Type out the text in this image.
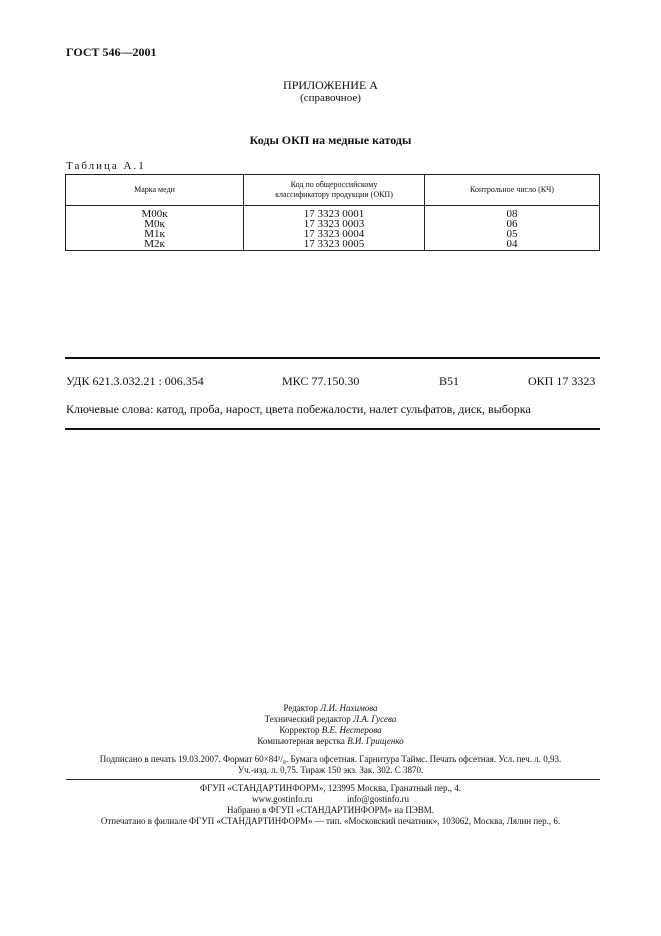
ГОСТ 546—2001
ПРИЛОЖЕНИЕ А
(справочное)
Коды ОКП на медные катоды
Таблица А.1
Марка меди	Код по общероссийскому классификатору продукции (ОКП)	Контрольное число (КЧ)
М00к	17 3323 0001	08
М0к	17 3323 0003	06
М1к	17 3323 0004	05
М2к	17 3323 0005	04
УДК 621.3.032.21 : 006.354	МКС 77.150.30	В51	ОКП 17 3323
Ключевые слова: катод, проба, нарост, цвета побежалости, налет сульфатов, диск, выборка
Редактор Л.И. Нахимова
Технический редактор Л.А. Гусева
Корректор В.Е. Нестерова
Компьютерная верстка В.И. Грищенко
Подписано в печать 19.03.2007. Формат 60×84¹/₈. Бумага офсетная. Гарнитура Таймс. Печать офсетная. Усл. печ. л. 0,93.
Уч.-изд. л. 0,75. Тираж 150 экз. Зак. 302. С 3870.
ФГУП «СТАНДАРТИНФОРМ», 123995 Москва, Гранатный пер., 4.
www.gostinfo.ru	info@gostinfo.ru
Набрано в ФГУП «СТАНДАРТИНФОРМ» на ПЭВМ.
Отпечатано в филиале ФГУП «СТАНДАРТИНФОРМ» — тип. «Московский печатник», 103062, Москва, Лялин пер., 6.
